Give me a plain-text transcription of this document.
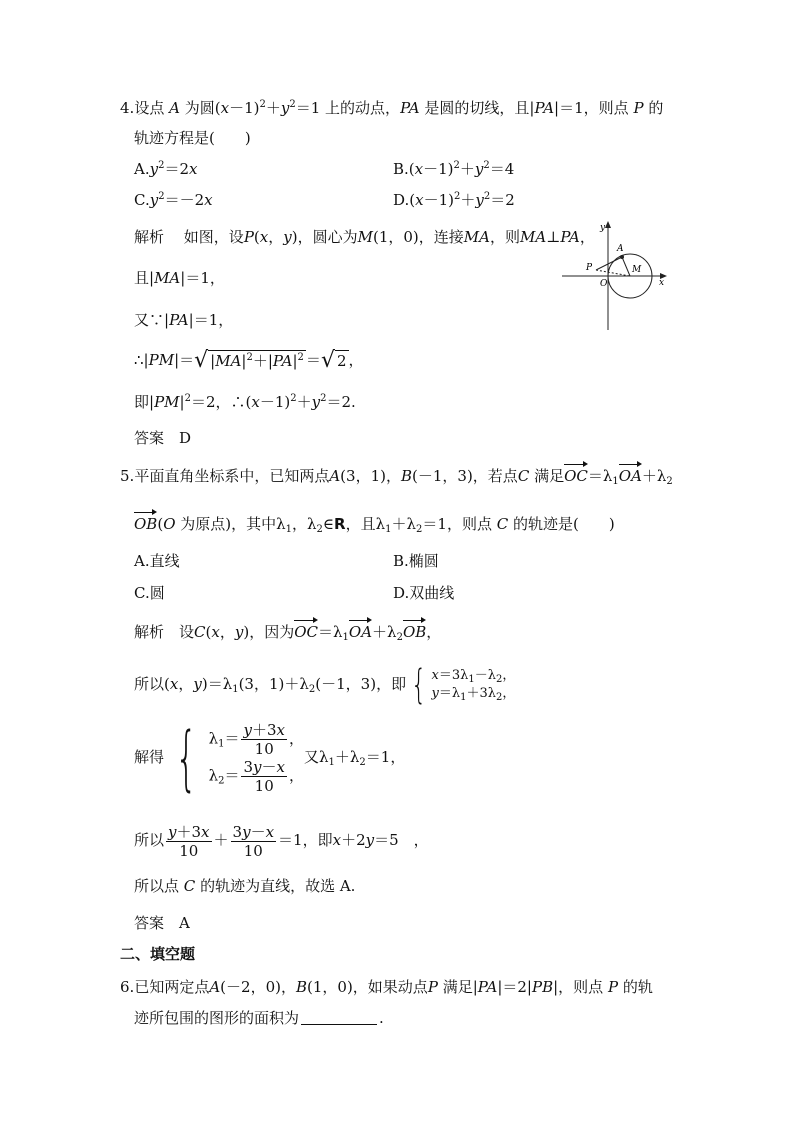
4.设点 A 为圆$(x-1)^2+y^2=1$ 上的动点，PA 是圆的切线，且|PA|＝1，则点 P 的
轨迹方程是(　　)
$A.y^2=2x$	$B.(x-1)^2+y^2=4$
$C.y^2=-2x$	$D.(x-1)^2+y^2=2$
解析　 如图，设P(x，y)，圆心为M(1，0)，连接MA，则MA⊥PA，
且|MA|＝1，
又∵|PA|＝1，
∴|PM|＝ √ $|MA|^2+|PA|^2$ ＝ √ 2 ，
即$|PM|^2=2$，$\therefore(x-1)^2+y^2=2$.
答案　 D
y
A
P	M
O	x
5.平面直角坐标系中，已知两点A(3，1)，B(－1，3)，若点C 满足$OC=\lambda_1OA+\lambda_2$
OB(O 为原点)，其中$\lambda_1$，$\lambda_2\in R$，且$\lambda_1+\lambda_2=1$，则点 C 的轨迹是(　　)
A.直线	B.椭圆
C.圆	D.双曲线
解析　 设C(x，y)，因为$OC=\lambda_1OA+\lambda_2OB$，
所以(x，$y)=\lambda_1(3$，$1)+\lambda_2(-1$，3)，即 { $x=3\lambda_1-\lambda_2$，
$y=\lambda_1+3\lambda_2$，
解得 { $\lambda_1= \frac{y+3x}{10}$ ，
$\lambda_2= \frac{3y-x}{10}$ ，
又$\lambda_1+\lambda_2=1$，
所以 $\frac{y+3x}{10} + \frac{3y-x}{10} =1$，即x＋2y＝5　，
所以点 C 的轨迹为直线，故选 A.
答案　 A
二、填空题
6.已知两定点A(－2，0)，B(1，0)，如果动点P 满足|PA|＝2|PB|，则点 P 的轨
迹所包围的图形的面积为	.
